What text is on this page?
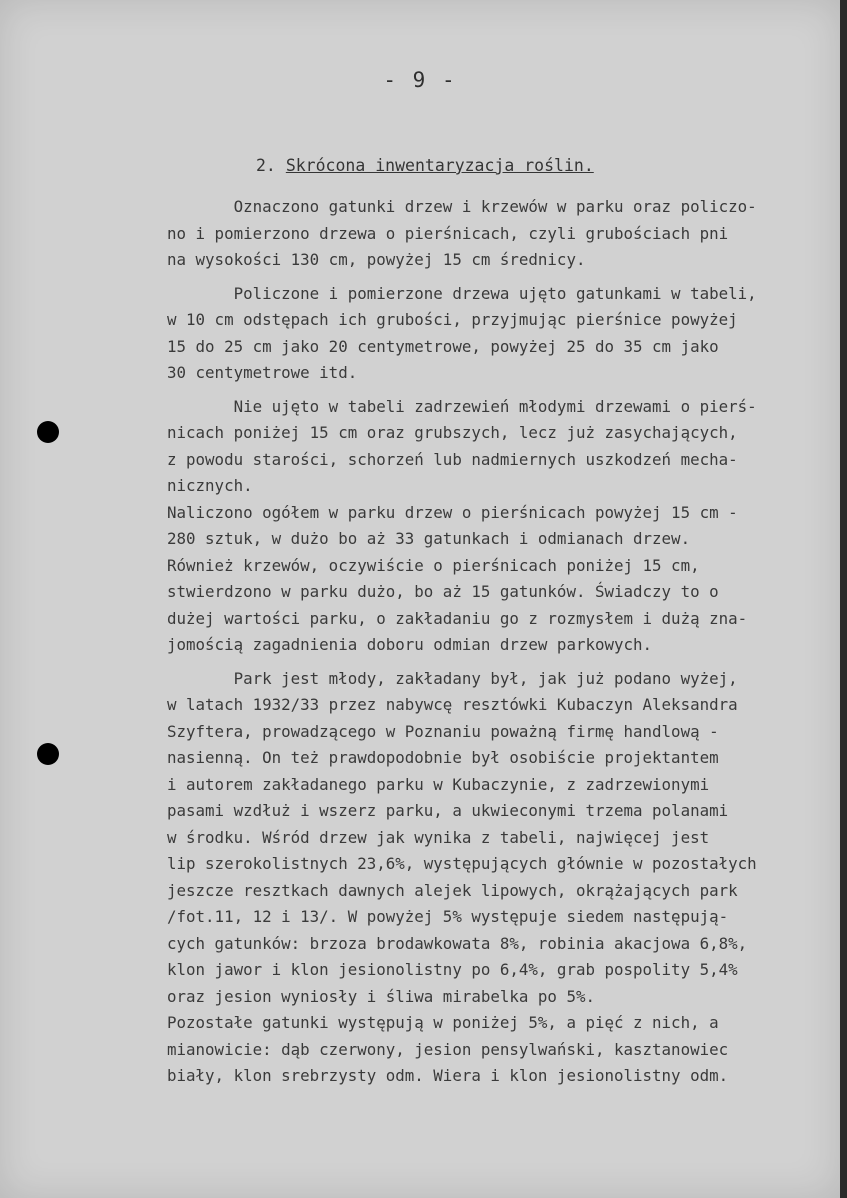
- 9 -
2. Skrócona inwentaryzacja roślin.
Oznaczono gatunki drzew i krzewów w parku oraz policzo-
no i pomierzono drzewa o pierśnicach, czyli grubościach pni
na wysokości 130 cm, powyżej 15 cm średnicy.
Policzone i pomierzone drzewa ujęto gatunkami w tabeli,
w 10 cm odstępach ich grubości, przyjmując pierśnice powyżej
15 do 25 cm jako 20 centymetrowe, powyżej 25 do 35 cm jako
30 centymetrowe itd.
Nie ujęto w tabeli zadrzewień młodymi drzewami o pierś-
nicach poniżej 15 cm oraz grubszych, lecz już zasychających,
z powodu starości, schorzeń lub nadmiernych uszkodzeń mecha-
nicznych.
Naliczono ogółem w parku drzew o pierśnicach powyżej 15 cm -
280 sztuk, w dużo bo aż 33 gatunkach i odmianach drzew.
Również krzewów, oczywiście o pierśnicach poniżej 15 cm,
stwierdzono w parku dużo, bo aż 15 gatunków. Świadczy to o
dużej wartości parku, o zakładaniu go z rozmysłem i dużą zna-
jomością zagadnienia doboru odmian drzew parkowych.
Park jest młody, zakładany był, jak już podano wyżej,
w latach 1932/33 przez nabywcę resztówki Kubaczyn Aleksandra
Szyftera, prowadzącego w Poznaniu poważną firmę handlową -
nasienną. On też prawdopodobnie był osobiście projektantem
i autorem zakładanego parku w Kubaczynie, z zadrzewionymi
pasami wzdłuż i wszerz parku, a ukwieconymi trzema polanami
w środku. Wśród drzew jak wynika z tabeli, najwięcej jest
lip szerokolistnych 23,6%, występujących głównie w pozostałych
jeszcze resztkach dawnych alejek lipowych, okrążających park
/fot.11, 12 i 13/. W powyżej 5% występuje siedem następują-
cych gatunków: brzoza brodawkowata 8%, robinia akacjowa 6,8%,
klon jawor i klon jesionolistny po 6,4%, grab pospolity 5,4%
oraz jesion wyniosły i śliwa mirabelka po 5%.
Pozostałe gatunki występują w poniżej 5%, a pięć z nich, a
mianowicie: dąb czerwony, jesion pensylwański, kasztanowiec
biały, klon srebrzysty odm. Wiera i klon jesionolistny odm.
